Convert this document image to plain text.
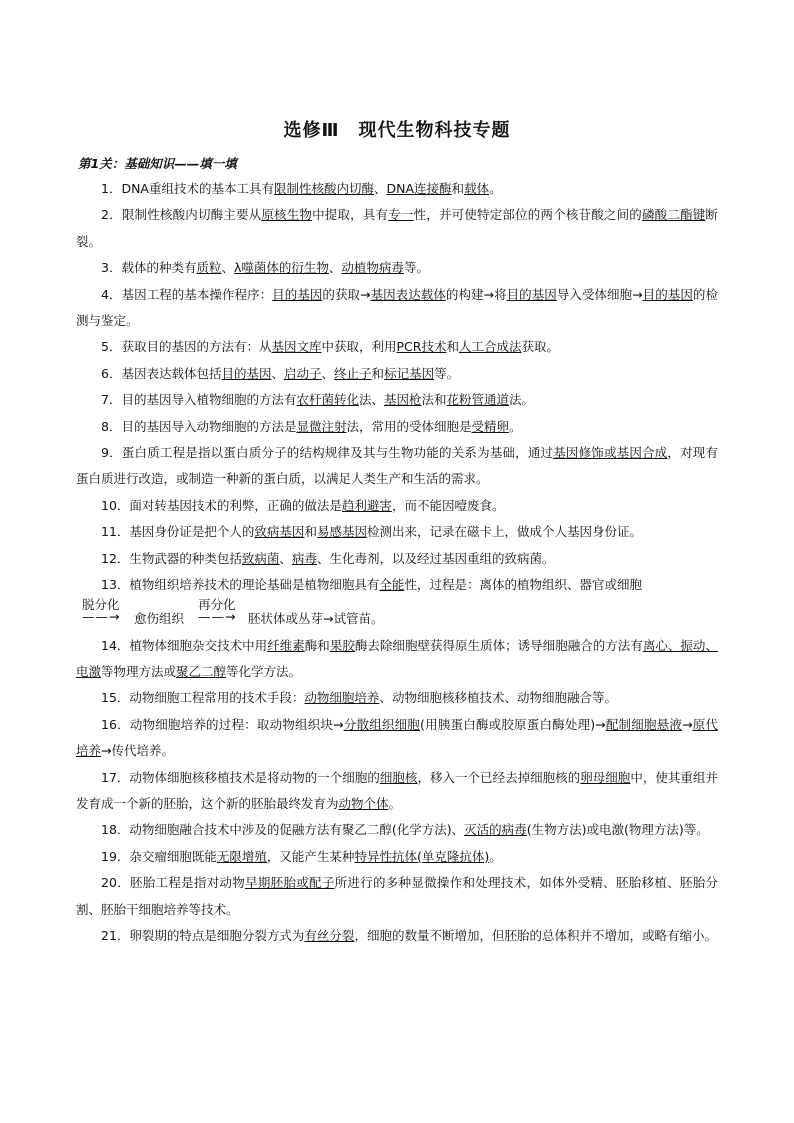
选修Ⅲ　现代生物科技专题
第1关：基础知识——填一填

1．DNA重组技术的基本工具有限制性核酸内切酶、DNA连接酶和载体。

2．限制性核酸内切酶主要从原核生物中提取，具有专一性，并可使特定部位的两个核苷酸之间的磷酸二酯键断裂。

3．载体的种类有质粒、λ噬菌体的衍生物、动植物病毒等。

4．基因工程的基本操作程序：目的基因的获取→基因表达载体的构建→将目的基因导入受体细胞→目的基因的检测与鉴定。

5．获取目的基因的方法有：从基因文库中获取，利用PCR技术和人工合成法获取。

6．基因表达载体包括目的基因、启动子、终止子和标记基因等。

7．目的基因导入植物细胞的方法有农杆菌转化法、基因枪法和花粉管通道法。

8．目的基因导入动物细胞的方法是显微注射法，常用的受体细胞是受精卵。

9．蛋白质工程是指以蛋白质分子的结构规律及其与生物功能的关系为基础，通过基因修饰或基因合成，对现有蛋白质进行改造，或制造一种新的蛋白质，以满足人类生产和生活的需求。

10．面对转基因技术的利弊，正确的做法是趋利避害，而不能因噎废食。

11．基因身份证是把个人的致病基因和易感基因检测出来，记录在磁卡上，做成个人基因身份证。

12．生物武器的种类包括致病菌、病毒、生化毒剂，以及经过基因重组的致病菌。

13．植物组织培养技术的理论基础是植物细胞具有全能性，过程是：离体的植物组织、器官或细胞

脱分化
——→ 愈伤组织
再分化
——→ 胚状体或丛芽→试管苗。

14．植物体细胞杂交技术中用纤维素酶和果胶酶去除细胞壁获得原生质体；诱导细胞融合的方法有离心、振动、电激等物理方法或聚乙二醇等化学方法。

15．动物细胞工程常用的技术手段：动物细胞培养、动物细胞核移植技术、动物细胞融合等。

16．动物细胞培养的过程：取动物组织块→分散组织细胞(用胰蛋白酶或胶原蛋白酶处理)→配制细胞悬液→原代培养→传代培养。

17．动物体细胞核移植技术是将动物的一个细胞的细胞核，移入一个已经去掉细胞核的卵母细胞中，使其重组并发育成一个新的胚胎，这个新的胚胎最终发育为动物个体。

18．动物细胞融合技术中涉及的促融方法有聚乙二醇(化学方法)、灭活的病毒(生物方法)或电激(物理方法)等。

19．杂交瘤细胞既能无限增殖，又能产生某种特异性抗体(单克隆抗体)。

20．胚胎工程是指对动物早期胚胎或配子所进行的多种显微操作和处理技术，如体外受精、胚胎移植、胚胎分割、胚胎干细胞培养等技术。

21．卵裂期的特点是细胞分裂方式为有丝分裂，细胞的数量不断增加，但胚胎的总体积并不增加，或略有缩小。
